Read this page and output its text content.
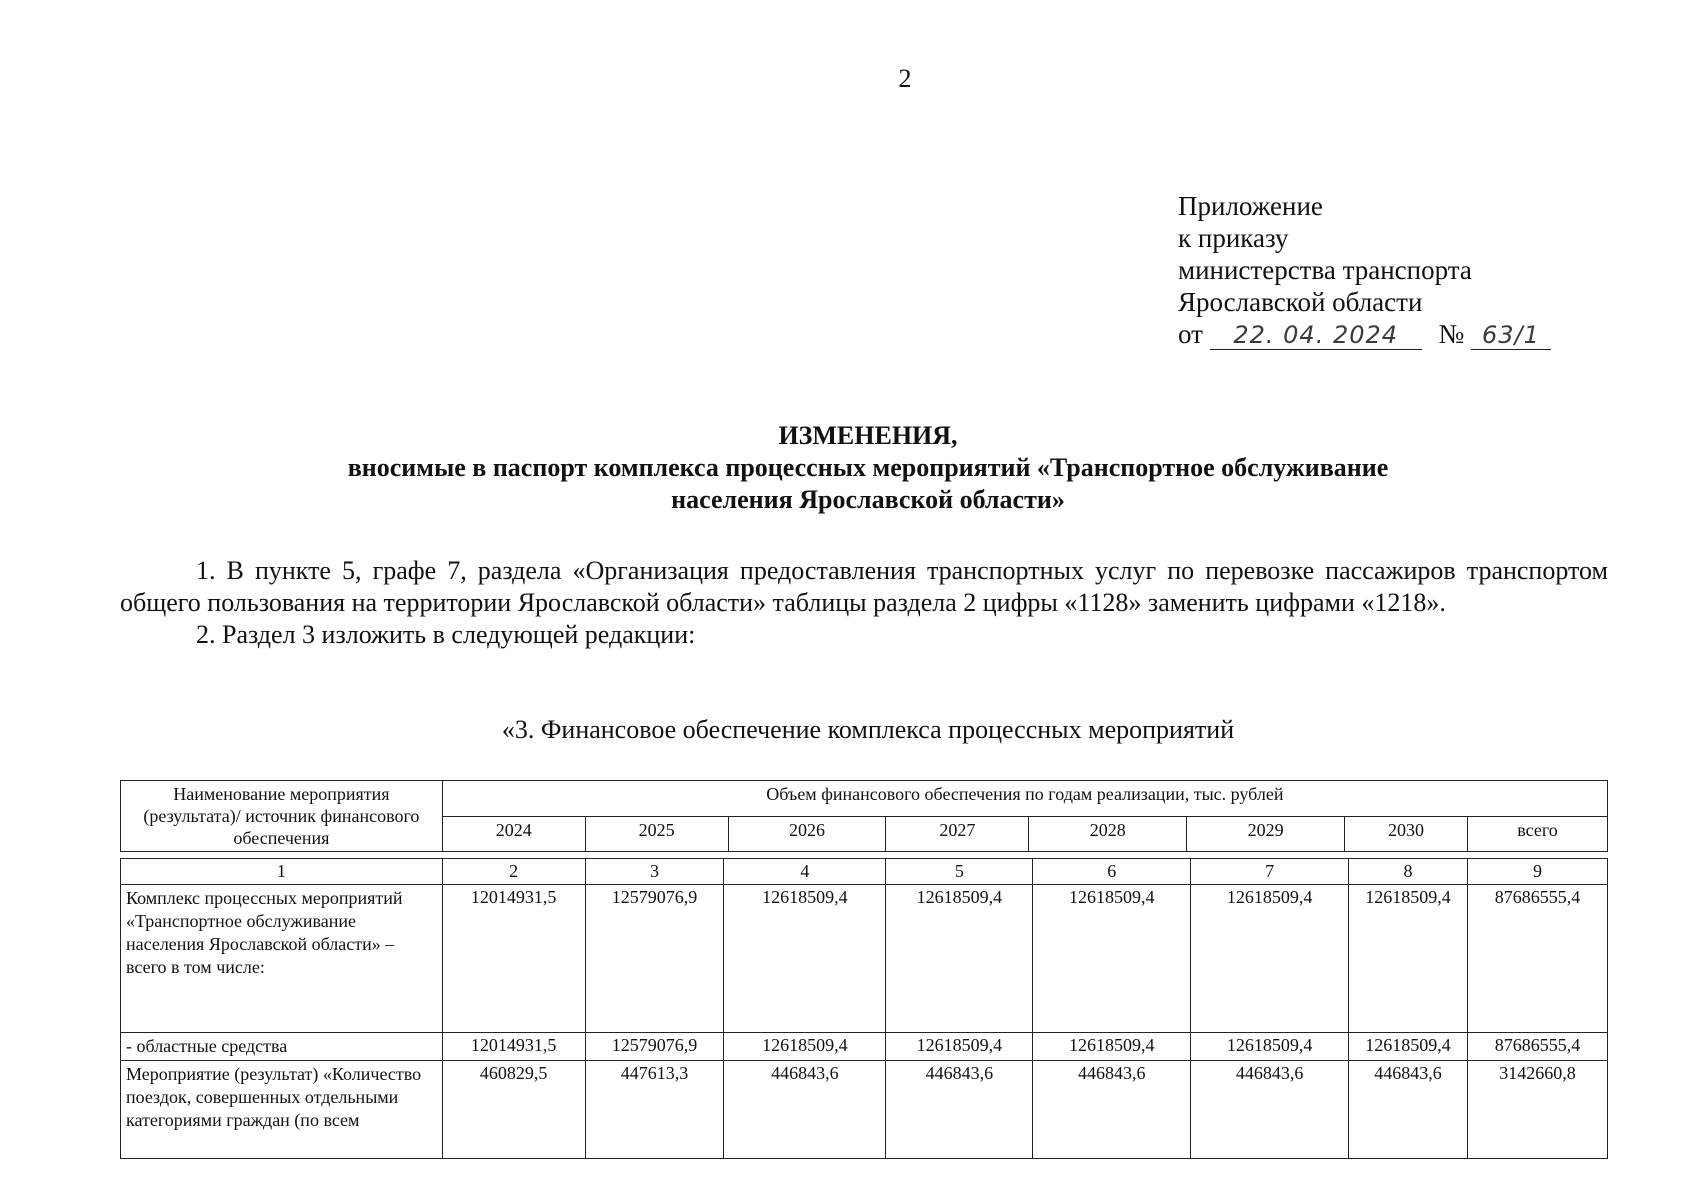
2
Приложение
к приказу
министерства транспорта
Ярославской области
от 22. 04. 2024 № 63/1
ИЗМЕНЕНИЯ,
вносимые в паспорт комплекса процессных мероприятий «Транспортное обслуживание
населения Ярославской области»
1. В пункте 5, графе 7, раздела «Организация предоставления транспортных услуг по перевозке пассажиров транспортом общего пользования на территории Ярославской области» таблицы раздела 2 цифры «1128» заменить цифрами «1218».
2. Раздел 3 изложить в следующей редакции:
«3. Финансовое обеспечение комплекса процессных мероприятий
Наименование мероприятия (результата)/ источник финансового обеспечения	Объем финансового обеспечения по годам реализации, тыс. рублей							
	2024	2025	2026	2027	2028	2029	2030	всего
1	2	3	4	5	6	7	8	9
Комплекс процессных мероприятий «Транспортное обслуживание населения Ярославской области» – всего в том числе:	12014931,5	12579076,9	12618509,4	12618509,4	12618509,4	12618509,4	12618509,4	87686555,4
- областные средства	12014931,5	12579076,9	12618509,4	12618509,4	12618509,4	12618509,4	12618509,4	87686555,4
Мероприятие (результат) «Количество поездок, совершенных отдельными категориями граждан (по всем	460829,5	447613,3	446843,6	446843,6	446843,6	446843,6	446843,6	3142660,8
